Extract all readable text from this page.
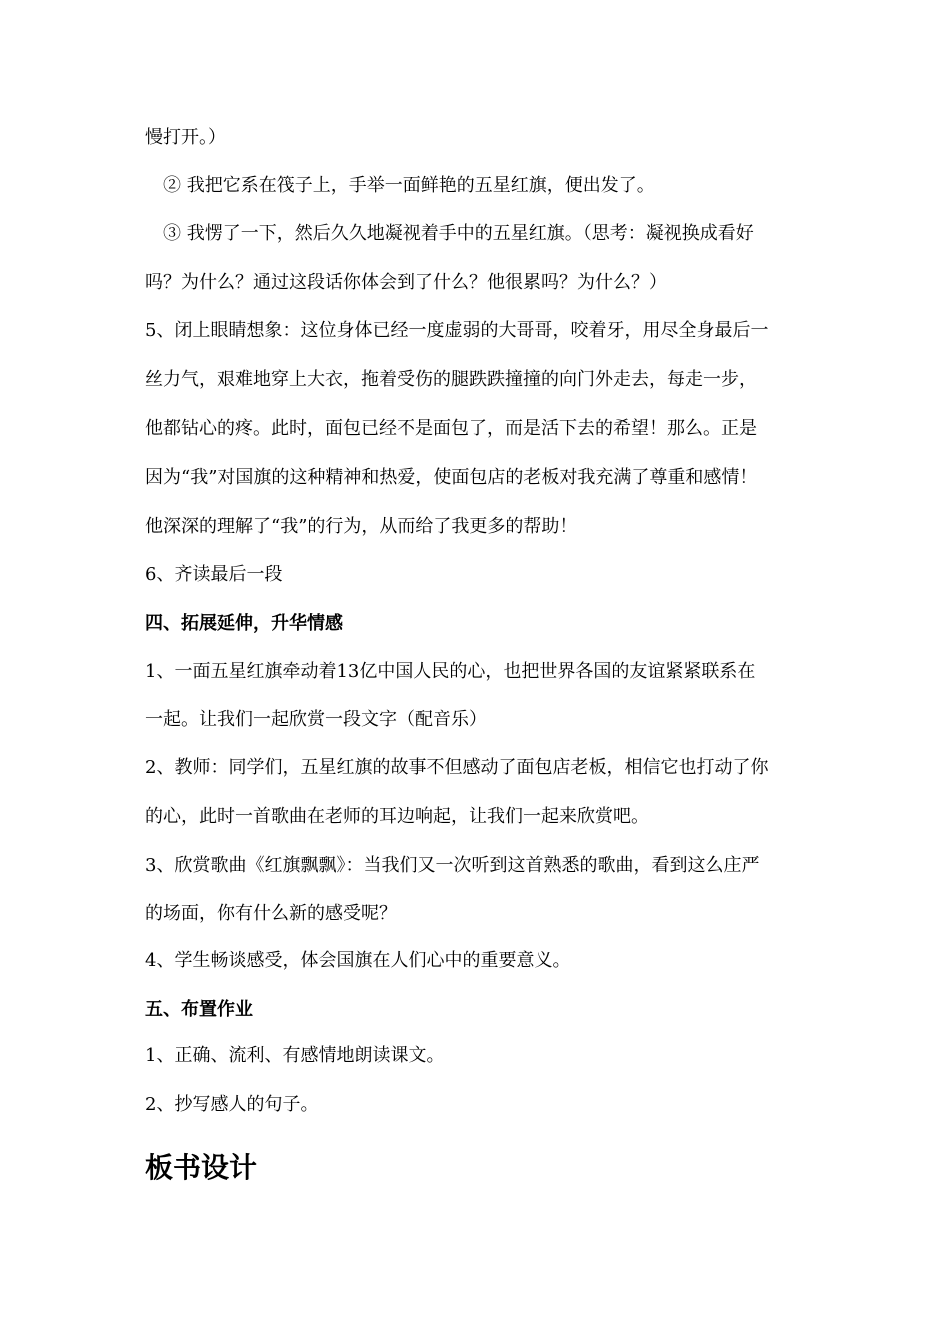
慢打开。）
② 我把它系在筏子上，手举一面鲜艳的五星红旗，便出发了。
③ 我愣了一下，然后久久地凝视着手中的五星红旗。（思考：凝视换成看好
吗？为什么？通过这段话你体会到了什么？他很累吗？为什么？）
5、闭上眼睛想象：这位身体已经一度虚弱的大哥哥，咬着牙，用尽全身最后一
丝力气，艰难地穿上大衣，拖着受伤的腿跌跌撞撞的向门外走去，每走一步，
他都钻心的疼。此时，面包已经不是面包了，而是活下去的希望！那么。正是
因为“我”对国旗的这种精神和热爱，使面包店的老板对我充满了尊重和感情！
他深深的理解了“我”的行为，从而给了我更多的帮助！
6、齐读最后一段
四、拓展延伸，升华情感
1、一面五星红旗牵动着13亿中国人民的心，也把世界各国的友谊紧紧联系在
一起。让我们一起欣赏一段文字（配音乐）
2、教师：同学们，五星红旗的故事不但感动了面包店老板，相信它也打动了你
的心，此时一首歌曲在老师的耳边响起，让我们一起来欣赏吧。
3、欣赏歌曲《红旗飘飘》：当我们又一次听到这首熟悉的歌曲，看到这么庄严
的场面，你有什么新的感受呢？
4、学生畅谈感受，体会国旗在人们心中的重要意义。
五、布置作业
1、正确、流利、有感情地朗读课文。
2、抄写感人的句子。
板书设计
